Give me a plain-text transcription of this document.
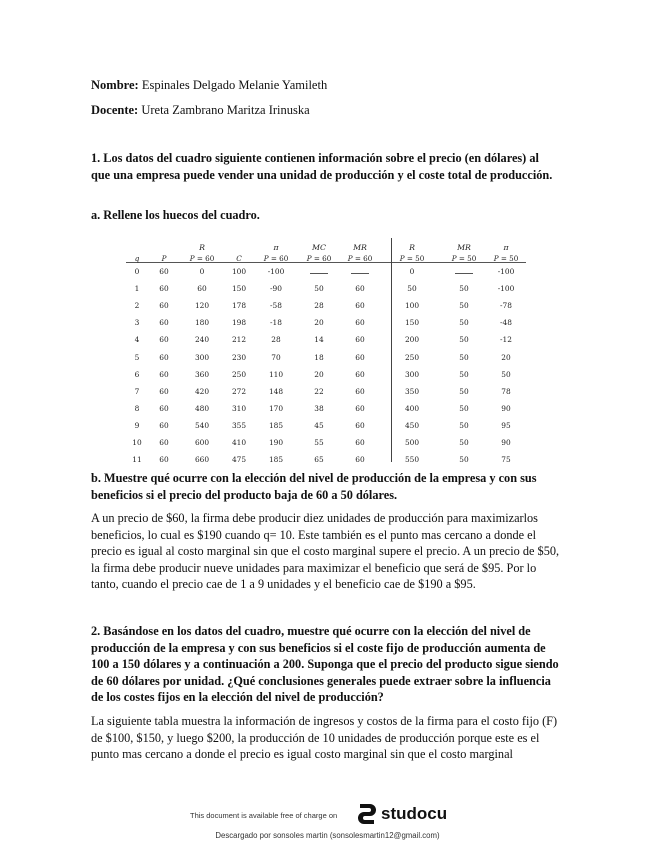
Nombre: Espinales Delgado Melanie Yamileth
Docente: Ureta Zambrano Maritza Irinuska
1. Los datos del cuadro siguiente contienen información sobre el precio (en dólares) al que una empresa puede vender una unidad de producción y el coste total de producción.
a. Rellene los huecos del cuadro.
		R		π	MC	MR	R	MR	π
q	P	P = 60	C	P = 60	P = 60	P = 60	P = 50	P = 50	P = 50
0	60	0	100	-100			0		-100
1	60	60	150	-90	50	60	50	50	-100
2	60	120	178	-58	28	60	100	50	-78
3	60	180	198	-18	20	60	150	50	-48
4	60	240	212	28	14	60	200	50	-12
5	60	300	230	70	18	60	250	50	20
6	60	360	250	110	20	60	300	50	50
7	60	420	272	148	22	60	350	50	78
8	60	480	310	170	38	60	400	50	90
9	60	540	355	185	45	60	450	50	95
10	60	600	410	190	55	60	500	50	90
11	60	660	475	185	65	60	550	50	75
b. Muestre qué ocurre con la elección del nivel de producción de la empresa y con sus beneficios si el precio del producto baja de 60 a 50 dólares.
A un precio de $60, la firma debe producir diez unidades de producción para maximizarlos beneficios, lo cual es $190 cuando q= 10. Este también es el punto mas cercano a donde el precio es igual al costo marginal sin que el costo marginal supere el precio. A un precio de $50, la firma debe producir nueve unidades para maximizar el beneficio que será de $95. Por lo tanto, cuando el precio cae de 1 a 9 unidades y el beneficio cae de $190 a $95.
2. Basándose en los datos del cuadro, muestre qué ocurre con la elección del nivel de producción de la empresa y con sus beneficios si el coste fijo de producción aumenta de 100 a 150 dólares y a continuación a 200. Suponga que el precio del producto sigue siendo de 60 dólares por unidad. ¿Qué conclusiones generales puede extraer sobre la influencia de los costes fijos en la elección del nivel de producción?
La siguiente tabla muestra la información de ingresos y costos de la firma para el costo fijo (F) de $100, $150, y luego $200, la producción de 10 unidades de producción porque este es el punto mas cercano a donde el precio es igual costo marginal sin que el costo marginal
This document is available free of charge on	studocu
Descargado por sonsoles martin (sonsolesmartin12@gmail.com)
